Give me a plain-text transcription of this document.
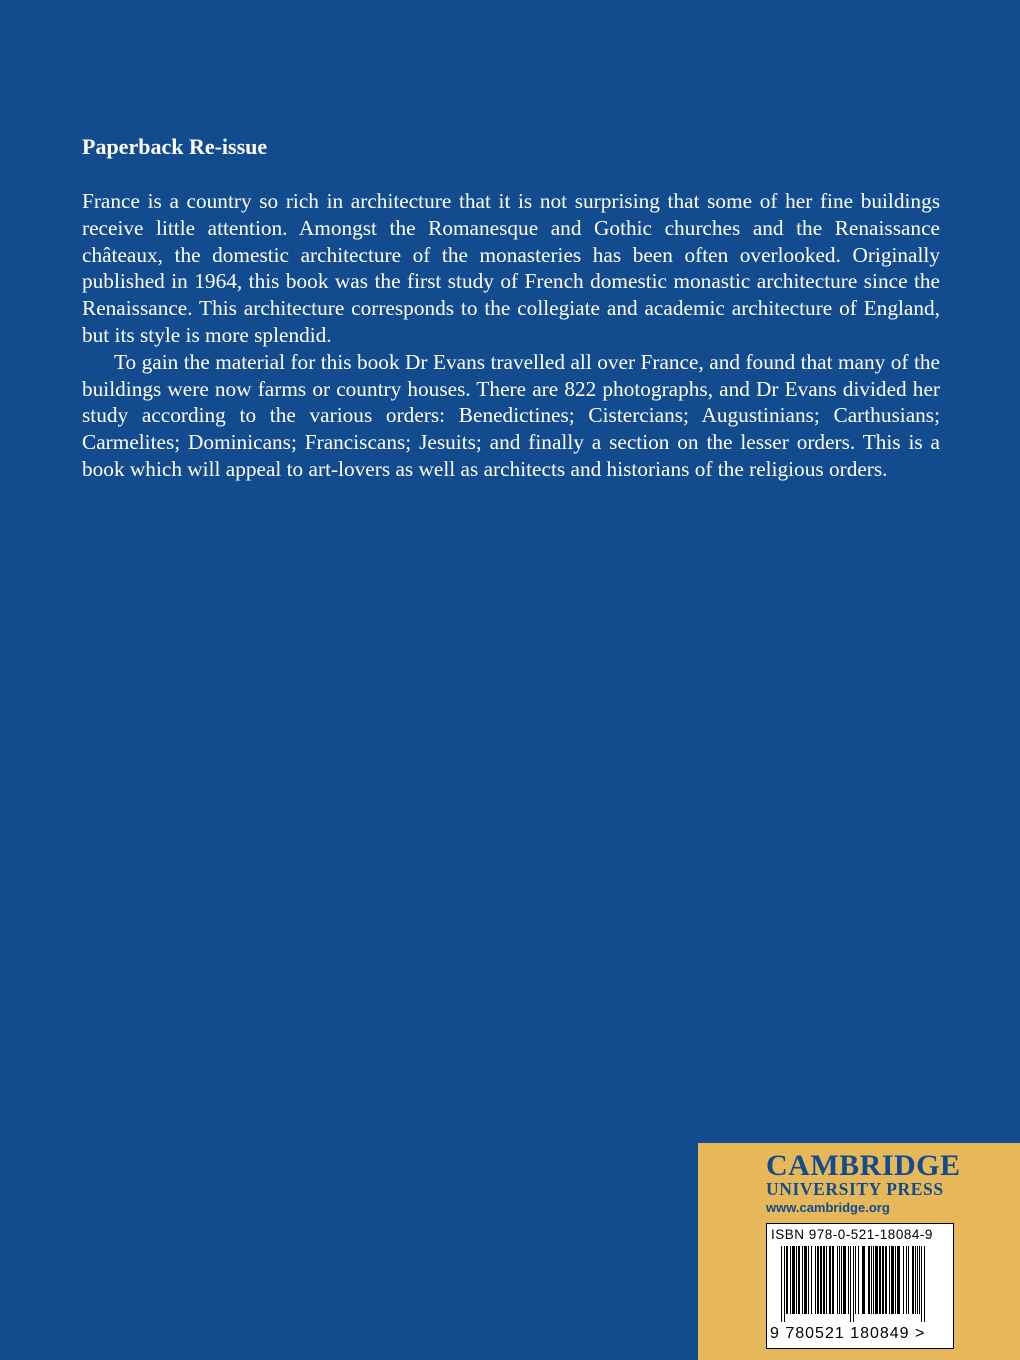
Paperback Re-issue

France is a country so rich in architecture that it is not surprising that some of her fine buildings receive little attention. Amongst the Romanesque and Gothic churches and the Renaissance châteaux, the domestic architecture of the monasteries has been often overlooked. Originally published in 1964, this book was the first study of French domestic monastic architecture since the Renaissance. This architecture corresponds to the collegiate and academic architecture of England, but its style is more splendid.

To gain the material for this book Dr Evans travelled all over France, and found that many of the buildings were now farms or country houses. There are 822 photographs, and Dr Evans divided her study according to the various orders: Benedictines; Cistercians; Augustinians; Carthusians; Carmelites; Dominicans; Franciscans; Jesuits; and finally a section on the lesser orders. This is a book which will appeal to art-lovers as well as architects and historians of the religious orders.

CAMBRIDGE

UNIVERSITY PRESS

www.cambridge.org

ISBN 978-0-521-18084-9

9 780521 180849 >
